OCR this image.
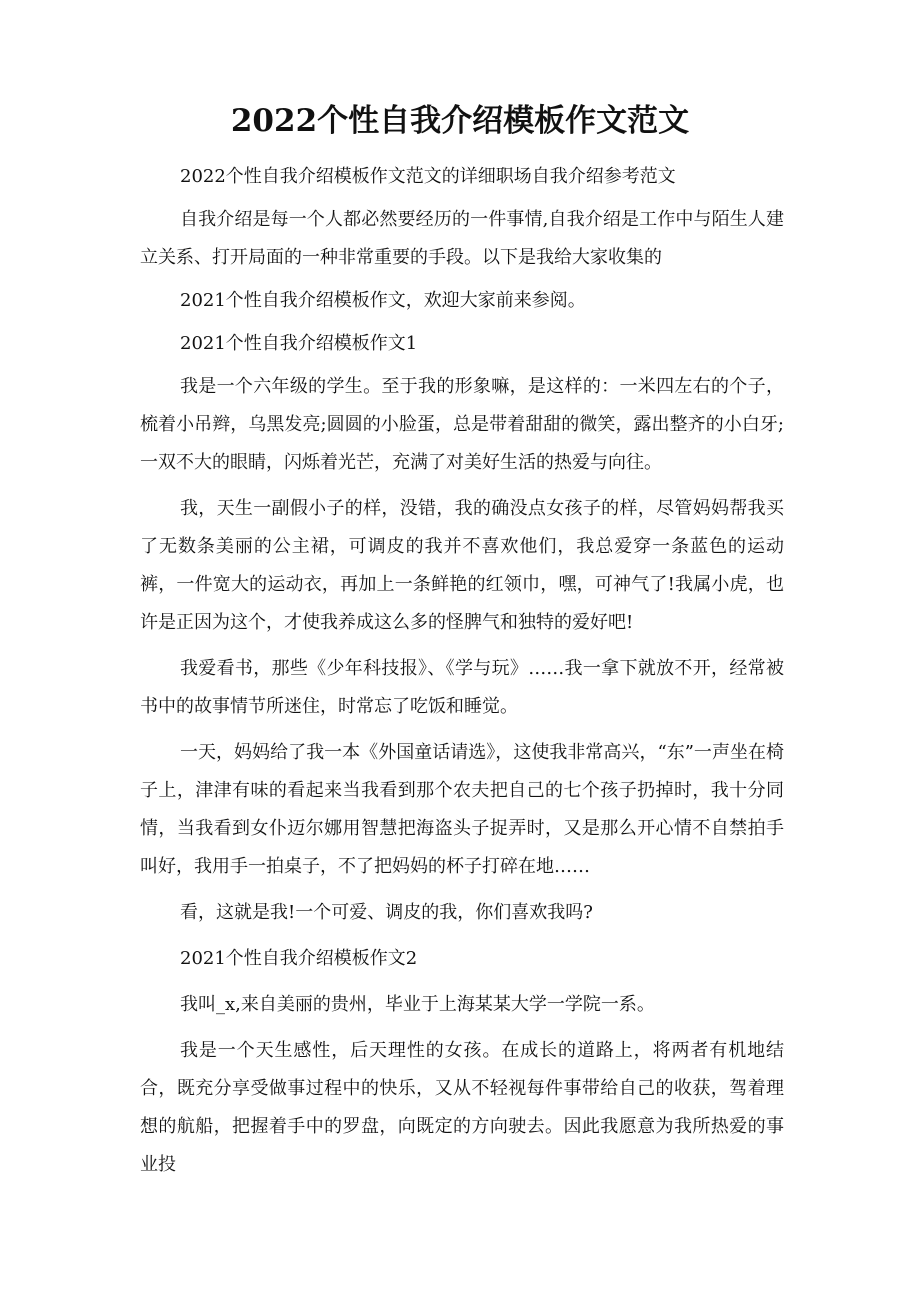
2022个性自我介绍模板作文范文

2022个性自我介绍模板作文范文的详细职场自我介绍参考范文

自我介绍是每一个人都必然要经历的一件事情,自我介绍是工作中与陌生人建立关系、打开局面的一种非常重要的手段。以下是我给大家收集的

2021个性自我介绍模板作文，欢迎大家前来参阅。

2021个性自我介绍模板作文1

我是一个六年级的学生。至于我的形象嘛，是这样的：一米四左右的个子，梳着小吊辫，乌黑发亮;圆圆的小脸蛋，总是带着甜甜的微笑，露出整齐的小白牙;一双不大的眼睛，闪烁着光芒，充满了对美好生活的热爱与向往。

我，天生一副假小子的样，没错，我的确没点女孩子的样，尽管妈妈帮我买了无数条美丽的公主裙，可调皮的我并不喜欢他们，我总爱穿一条蓝色的运动裤，一件宽大的运动衣，再加上一条鲜艳的红领巾，嘿，可神气了!我属小虎，也许是正因为这个，才使我养成这么多的怪脾气和独特的爱好吧!

我爱看书，那些《少年科技报》、《学与玩》……我一拿下就放不开，经常被书中的故事情节所迷住，时常忘了吃饭和睡觉。

一天，妈妈给了我一本《外国童话请选》，这使我非常高兴，“东”一声坐在椅子上，津津有味的看起来当我看到那个农夫把自己的七个孩子扔掉时，我十分同情，当我看到女仆迈尔娜用智慧把海盗头子捉弄时，又是那么开心情不自禁拍手叫好，我用手一拍桌子，不了把妈妈的杯子打碎在地……

看，这就是我!一个可爱、调皮的我，你们喜欢我吗?

2021个性自我介绍模板作文2

我叫_x,来自美丽的贵州，毕业于上海某某大学一学院一系。

我是一个天生感性，后天理性的女孩。在成长的道路上，将两者有机地结合，既充分享受做事过程中的快乐，又从不轻视每件事带给自己的收获，驾着理想的航船，把握着手中的罗盘，向既定的方向驶去。因此我愿意为我所热爱的事业投
